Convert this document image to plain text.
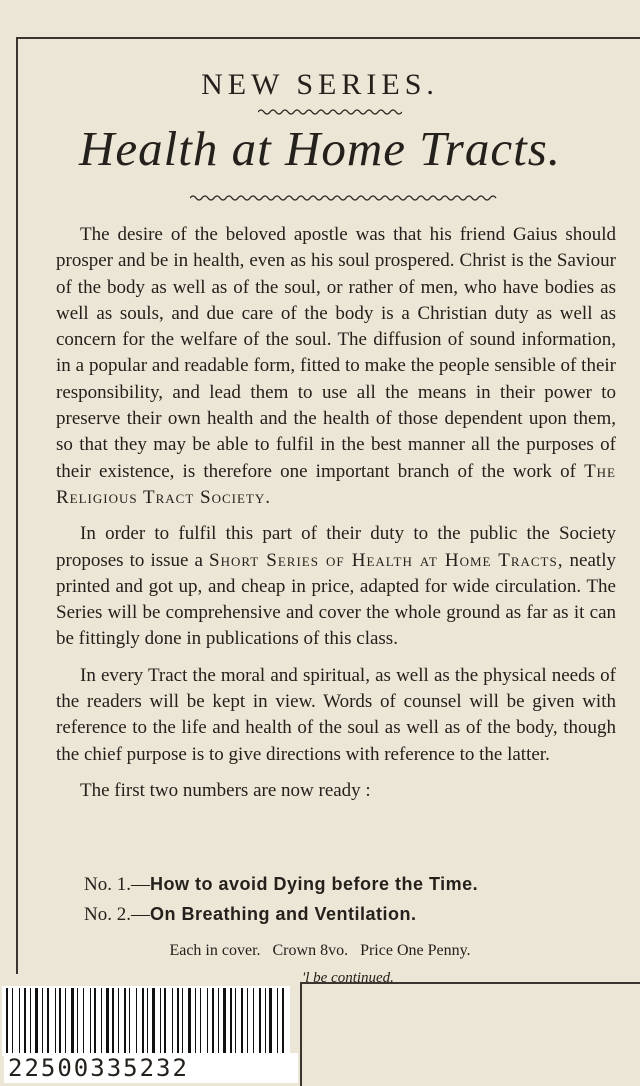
NEW SERIES.
Health at Home Tracts.

The desire of the beloved apostle was that his friend Gaius should prosper and be in health, even as his soul prospered. Christ is the Saviour of the body as well as of the soul, or rather of men, who have bodies as well as souls, and due care of the body is a Christian duty as well as concern for the welfare of the soul. The diffusion of sound information, in a popular and readable form, fitted to make the people sensible of their responsibility, and lead them to use all the means in their power to preserve their own health and the health of those dependent upon them, so that they may be able to fulfil in the best manner all the purposes of their existence, is therefore one important branch of the work of The Religious Tract Society.

In order to fulfil this part of their duty to the public the Society proposes to issue a Short Series of Health at Home Tracts, neatly printed and got up, and cheap in price, adapted for wide circulation. The Series will be comprehensive and cover the whole ground as far as it can be fittingly done in publications of this class.

In every Tract the moral and spiritual, as well as the physical needs of the readers will be kept in view. Words of counsel will be given with reference to the life and health of the soul as well as of the body, though the chief purpose is to give directions with reference to the latter.

The first two numbers are now ready :

No. 1.—How to avoid Dying before the Time.
No. 2.—On Breathing and Ventilation.
Each in cover.   Crown 8vo.   Price One Penny.
'l be continued.
22500335232
